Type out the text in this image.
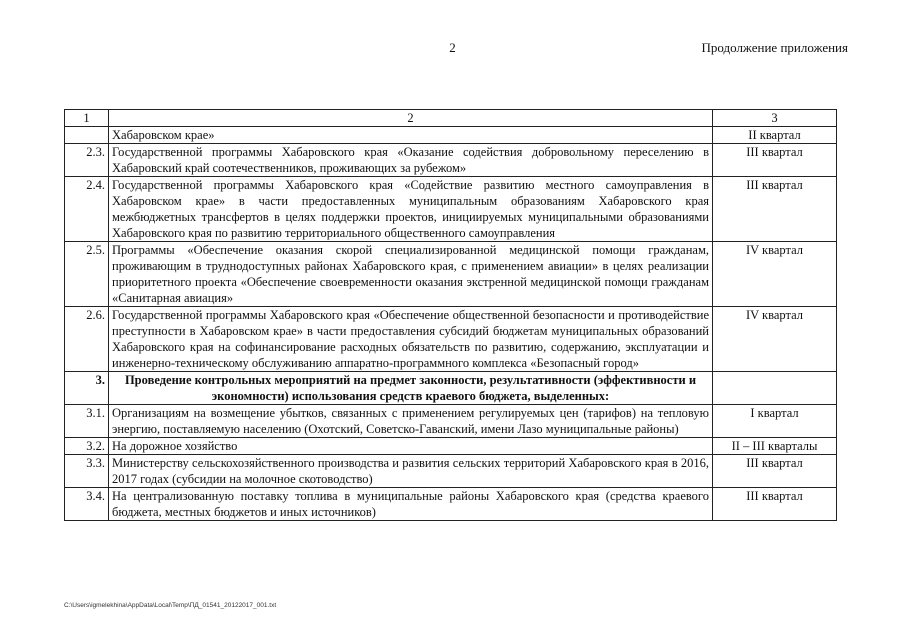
2	Продолжение приложения
1	2	3
	Хабаровском крае»	II квартал
2.3.	Государственной программы Хабаровского края «Оказание содействия добровольному переселению в Хабаровский край соотечественников, проживающих за рубежом»	III квартал
2.4.	Государственной программы Хабаровского края «Содействие развитию местного самоуправления в Хабаровском крае» в части предоставленных муниципальным образованиям Хабаровского края межбюджетных трансфертов в целях поддержки проектов, инициируемых муниципальными образованиями Хабаровского края по развитию территориального общественного самоуправления	III квартал
2.5.	Программы «Обеспечение оказания скорой специализированной медицинской помощи гражданам, проживающим в труднодоступных районах Хабаровского края, с применением авиации» в целях реализации приоритетного проекта «Обеспечение своевременности оказания экстренной медицинской помощи гражданам «Санитарная авиация»	IV квартал
2.6.	Государственной программы Хабаровского края «Обеспечение общественной безопасности и противодействие преступности в Хабаровском крае» в части предоставления субсидий бюджетам муниципальных образований Хабаровского края на софинансирование расходных обязательств по развитию, содержанию, эксплуатации и инженерно-техническому обслуживанию аппаратно-программного комплекса «Безопасный город»	IV квартал
3.	Проведение контрольных мероприятий на предмет законности, результативности (эффективности и экономности) использования средств краевого бюджета, выделенных:	
3.1.	Организациям на возмещение убытков, связанных с применением регулируемых цен (тарифов) на тепловую энергию, поставляемую населению (Охотский, Советско-Гаванский, имени Лазо муниципальные районы)	I квартал
3.2.	На дорожное хозяйство	II – III кварталы
3.3.	Министерству сельскохозяйственного производства и развития сельских территорий Хабаровского края в 2016, 2017 годах (субсидии на молочное скотоводство)	III квартал
3.4.	На централизованную поставку топлива в муниципальные районы Хабаровского края (средства краевого бюджета, местных бюджетов и иных источников)	III квартал
C:\Users\igmelekhina\AppData\Local\Temp\ПД_01541_20122017_001.txt
